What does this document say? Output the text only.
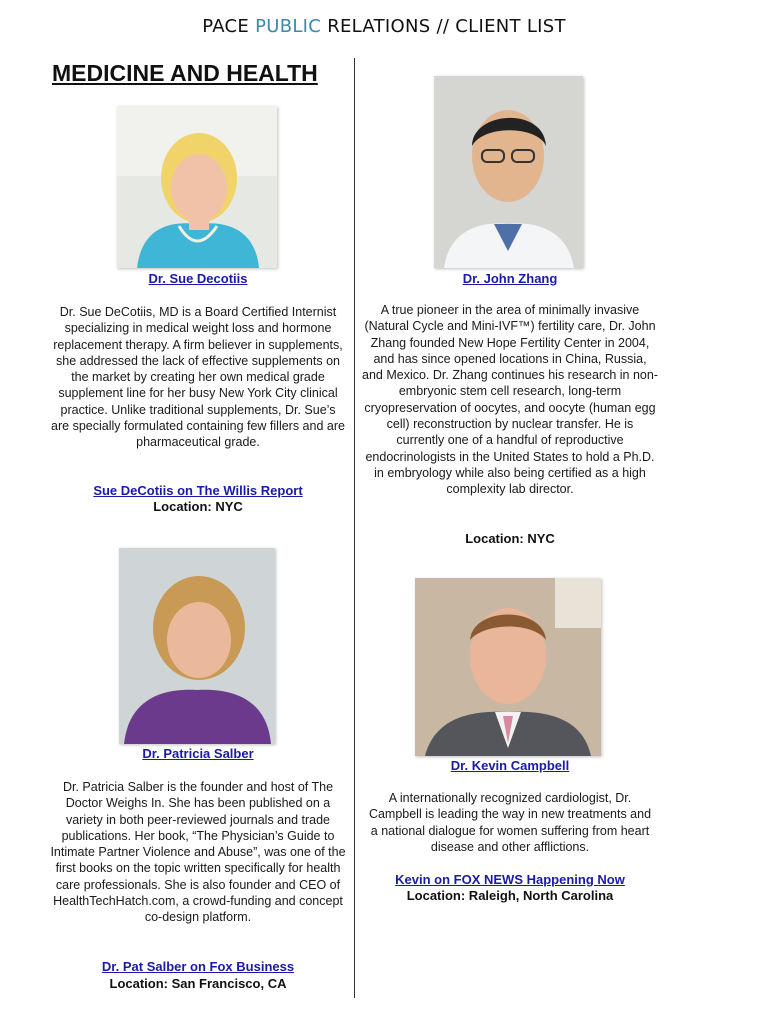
PACE PUBLIC RELATIONS // CLIENT LIST
MEDICINE AND HEALTH
Dr. Sue Decotiis

Dr. Sue DeCotiis, MD is a Board Certified Internist specializing in medical weight loss and hormone replacement therapy. A firm believer in supplements, she addressed the lack of effective supplements on the market by creating her own medical grade supplement line for her busy New York City clinical practice. Unlike traditional supplements, Dr. Sue’s are specially formulated containing few fillers and are pharmaceutical grade.

Sue DeCotiis on The Willis Report
Location: NYC
Dr. John Zhang

A true pioneer in the area of minimally invasive (Natural Cycle and Mini-IVF™) fertility care, Dr. John Zhang founded New Hope Fertility Center in 2004, and has since opened locations in China, Russia, and Mexico. Dr. Zhang continues his research in non-embryonic stem cell research, long-term cryopreservation of oocytes, and oocyte (human egg cell) reconstruction by nuclear transfer. He is currently one of a handful of reproductive endocrinologists in the United States to hold a Ph.D. in embryology while also being certified as a high complexity lab director.

Location: NYC
Dr. Patricia Salber

Dr. Patricia Salber is the founder and host of The Doctor Weighs In. She has been published on a variety in both peer-reviewed journals and trade publications. Her book, “The Physician’s Guide to Intimate Partner Violence and Abuse”, was one of the first books on the topic written specifically for health care professionals. She is also founder and CEO of HealthTechHatch.com, a crowd-funding and concept co-design platform.

Dr. Pat Salber on Fox Business
Location: San Francisco, CA
Dr. Kevin Campbell

A internationally recognized cardiologist, Dr. Campbell is leading the way in new treatments and a national dialogue for women suffering from heart disease and other afflictions.

Kevin on FOX NEWS Happening Now
Location: Raleigh, North Carolina
